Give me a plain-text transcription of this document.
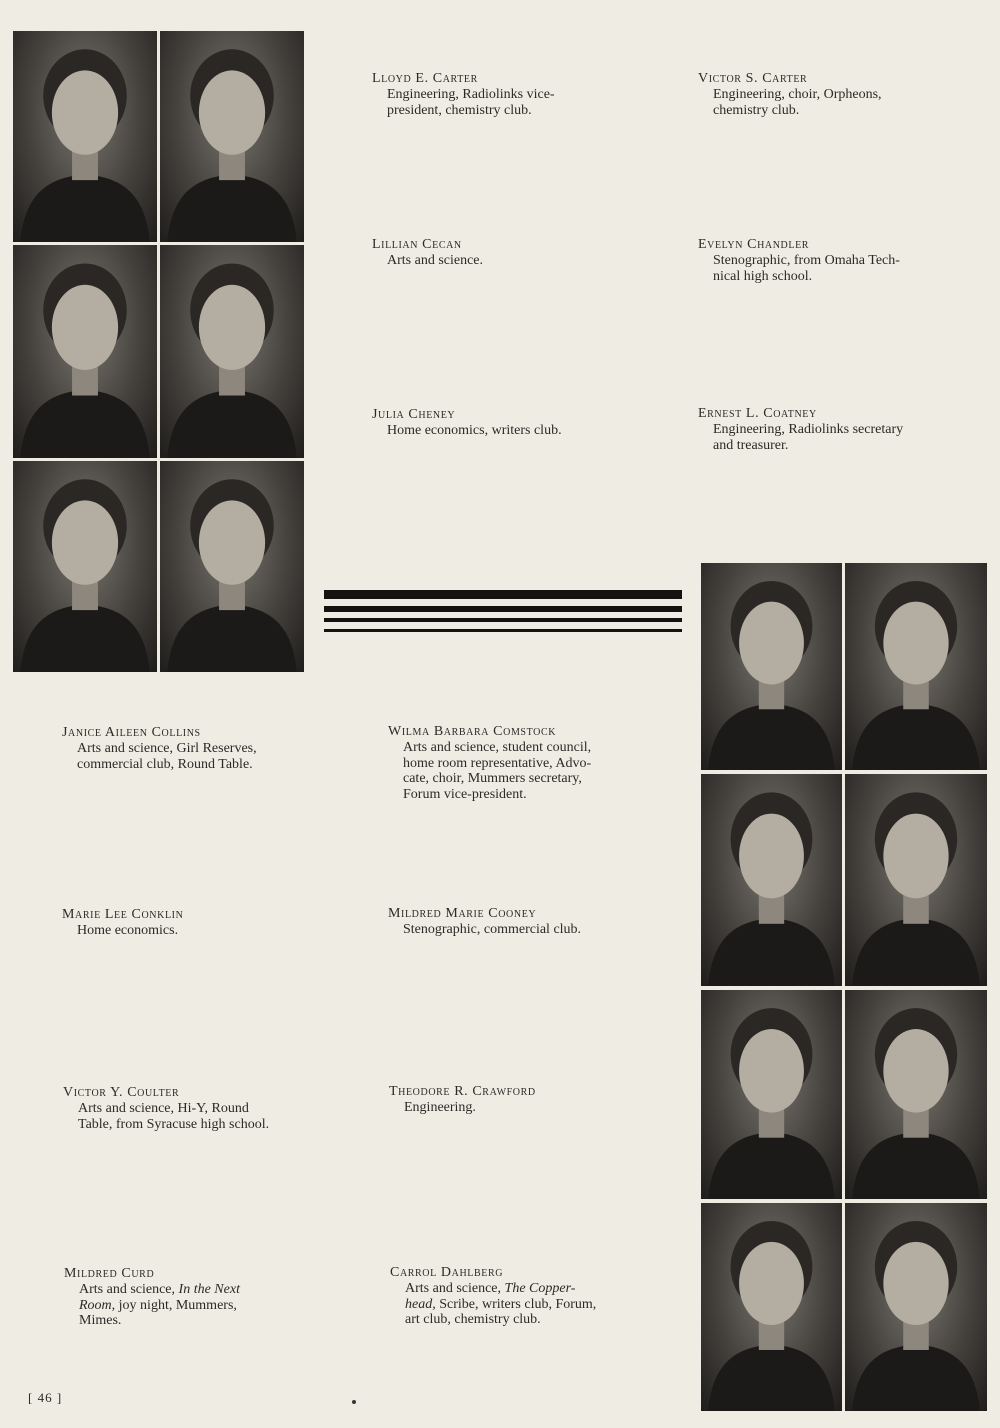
Lloyd E. Carter
Engineering, Radiolinks vice-
president, chemistry club.
Victor S. Carter
Engineering, choir, Orpheons,
chemistry club.
Lillian Cecan
Arts and science.
Evelyn Chandler
Stenographic, from Omaha Tech-
nical high school.
Julia Cheney
Home economics, writers club.
Ernest L. Coatney
Engineering, Radiolinks secretary
and treasurer.
Janice Aileen Collins
Arts and science, Girl Reserves,
commercial club, Round Table.
Wilma Barbara Comstock
Arts and science, student council,
home room representative, Advo-
cate, choir, Mummers secretary,
Forum vice-president.
Marie Lee Conklin
Home economics.
Mildred Marie Cooney
Stenographic, commercial club.
Victor Y. Coulter
Arts and science, Hi-Y, Round
Table, from Syracuse high school.
Theodore R. Crawford
Engineering.
Mildred Curd
Arts and science, In the Next
Room, joy night, Mummers,
Mimes.
Carrol Dahlberg
Arts and science, The Copper-
head, Scribe, writers club, Forum,
art club, chemistry club.
[ 46 ]
